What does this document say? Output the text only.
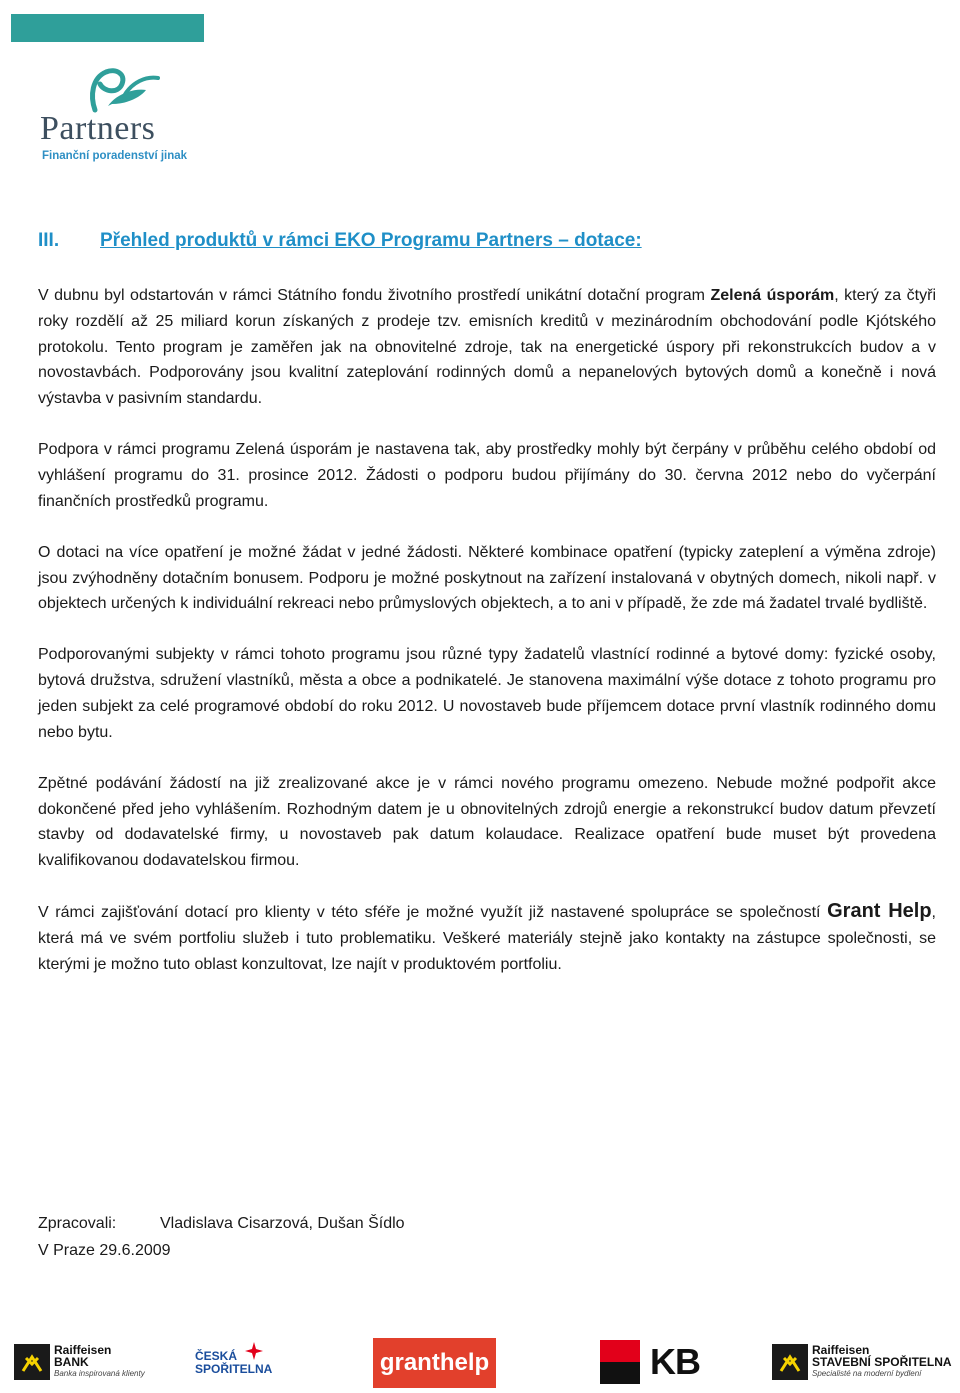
Partners
Finanční poradenství jinak
III. Přehled produktů v rámci EKO Programu Partners – dotace:

V dubnu byl odstartován v rámci Státního fondu životního prostředí unikátní dotační program Zelená úsporám, který za čtyři roky rozdělí až 25 miliard korun získaných z prodeje tzv. emisních kreditů v mezinárodním obchodování podle Kjótského protokolu. Tento program je zaměřen jak na obnovitelné zdroje, tak na energetické úspory při rekonstrukcích budov a v novostavbách. Podporovány jsou kvalitní zateplování rodinných domů a nepanelových bytových domů a konečně i nová výstavba v pasivním standardu.

Podpora v rámci programu Zelená úsporám je nastavena tak, aby prostředky mohly být čerpány v průběhu celého období od vyhlášení programu do 31. prosince 2012. Žádosti o podporu budou přijímány do 30. června 2012 nebo do vyčerpání finančních prostředků programu.

O dotaci na více opatření je možné žádat v jedné žádosti. Některé kombinace opatření (typicky zateplení a výměna zdroje) jsou zvýhodněny dotačním bonusem. Podporu je možné poskytnout na zařízení instalovaná v obytných domech, nikoli např. v objektech určených k individuální rekreaci nebo průmyslových objektech, a to ani v případě, že zde má žadatel trvalé bydliště.

Podporovanými subjekty v rámci tohoto programu jsou různé typy žadatelů vlastnící rodinné a bytové domy: fyzické osoby, bytová družstva, sdružení vlastníků, města a obce a podnikatelé. Je stanovena maximální výše dotace z tohoto programu pro jeden subjekt za celé programové období do roku 2012. U novostaveb bude příjemcem dotace první vlastník rodinného domu nebo bytu.

Zpětné podávání žádostí na již zrealizované akce je v rámci nového programu omezeno. Nebude možné podpořit akce dokončené před jeho vyhlášením. Rozhodným datem je u obnovitelných zdrojů energie a rekonstrukcí budov datum převzetí stavby od dodavatelské firmy, u novostaveb pak datum kolaudace. Realizace opatření bude muset být provedena kvalifikovanou dodavatelskou firmou.

V rámci zajišťování dotací pro klienty v této sféře je možné využít již nastavené spolupráce se společností Grant Help, která má ve svém portfoliu služeb i tuto problematiku. Veškeré materiály stejně jako kontakty na zástupce společnosti, se kterými je možno tuto oblast konzultovat, lze najít v produktovém portfoliu.

Zpracovali:	Vladislava Cisarzová, Dušan Šídlo
V Praze 29.6.2009
Raiffeisen
BANK
Banka inspirovaná klienty
ČESKÁ
SPOŘITELNA	granthelp	KB	Raiffeisen
STAVEBNÍ SPOŘITELNA
Specialisté na moderní bydlení
